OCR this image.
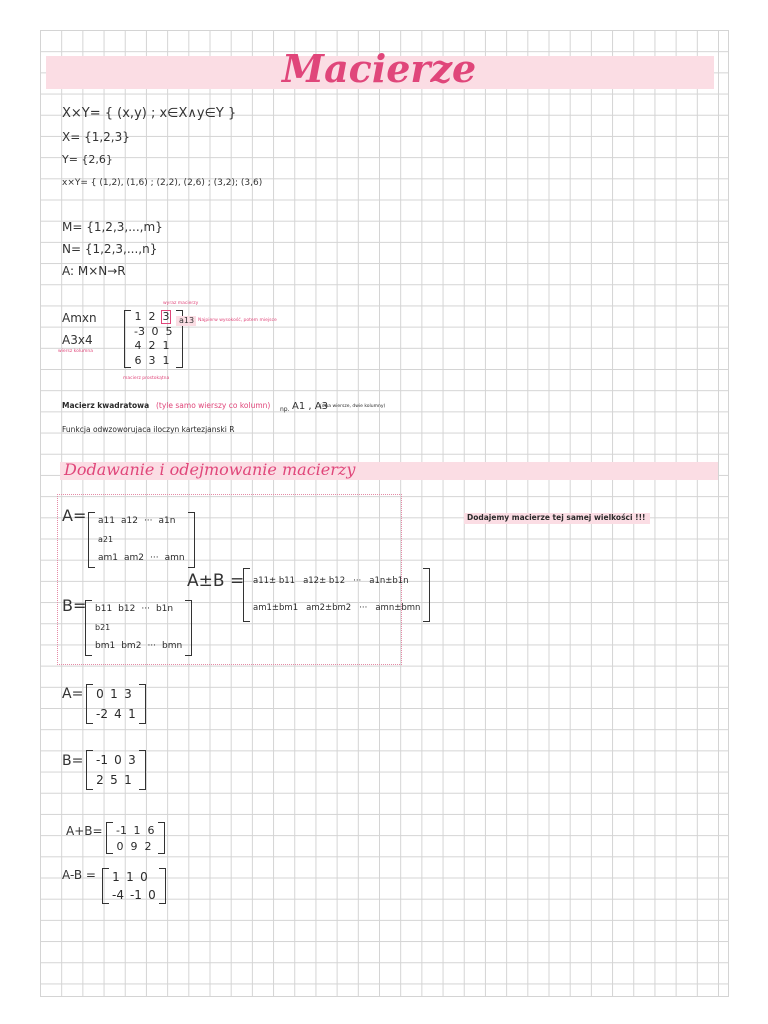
Macierze
X×Y= { (x,y) ; x∈X∧y∈Y }
X= {1,2,3}
Y= {2,6}
x×Y= { (1,2), (1,6) ; (2,2), (2,6) ; (3,2); (3,6)
M= {1,2,3,...,m}
N= {1,2,3,...,n}
A: M×N→R
Amxn
A3x4
wiersz kolumna
wyraz macierzy
1 2 3
-3 0 5
4 2 1
6 3 1
macierz prostokątna
a13 Najpierw wysokość, potem miejsce
Macierz kwadratowa (tyle samo wierszy co kolumn) np. A1 , A3
(dwa wiersze, dwie kolumny)
Funkcja odwzoworujaca iloczyn kartezjanski R
Dodawanie i odejmowanie macierzy
A= a11 a12 ··· a1n
a21
am1 am2 ··· amn
B= b11 b12 ··· b1n
b21
bm1 bm2 ··· bmn
A±B = a11± b11 a12± b12 ··· a1n±b1n
am1±bm1 am2±bm2 ··· amn±bmn
Dodajemy macierze tej samej wielkości !!!
A= 0 1 3
-2 4 1
B= -1 0 3
2 5 1
A+B= -1 1 6
0 9 2
A-B = 1 1 0
-4 -1 0
